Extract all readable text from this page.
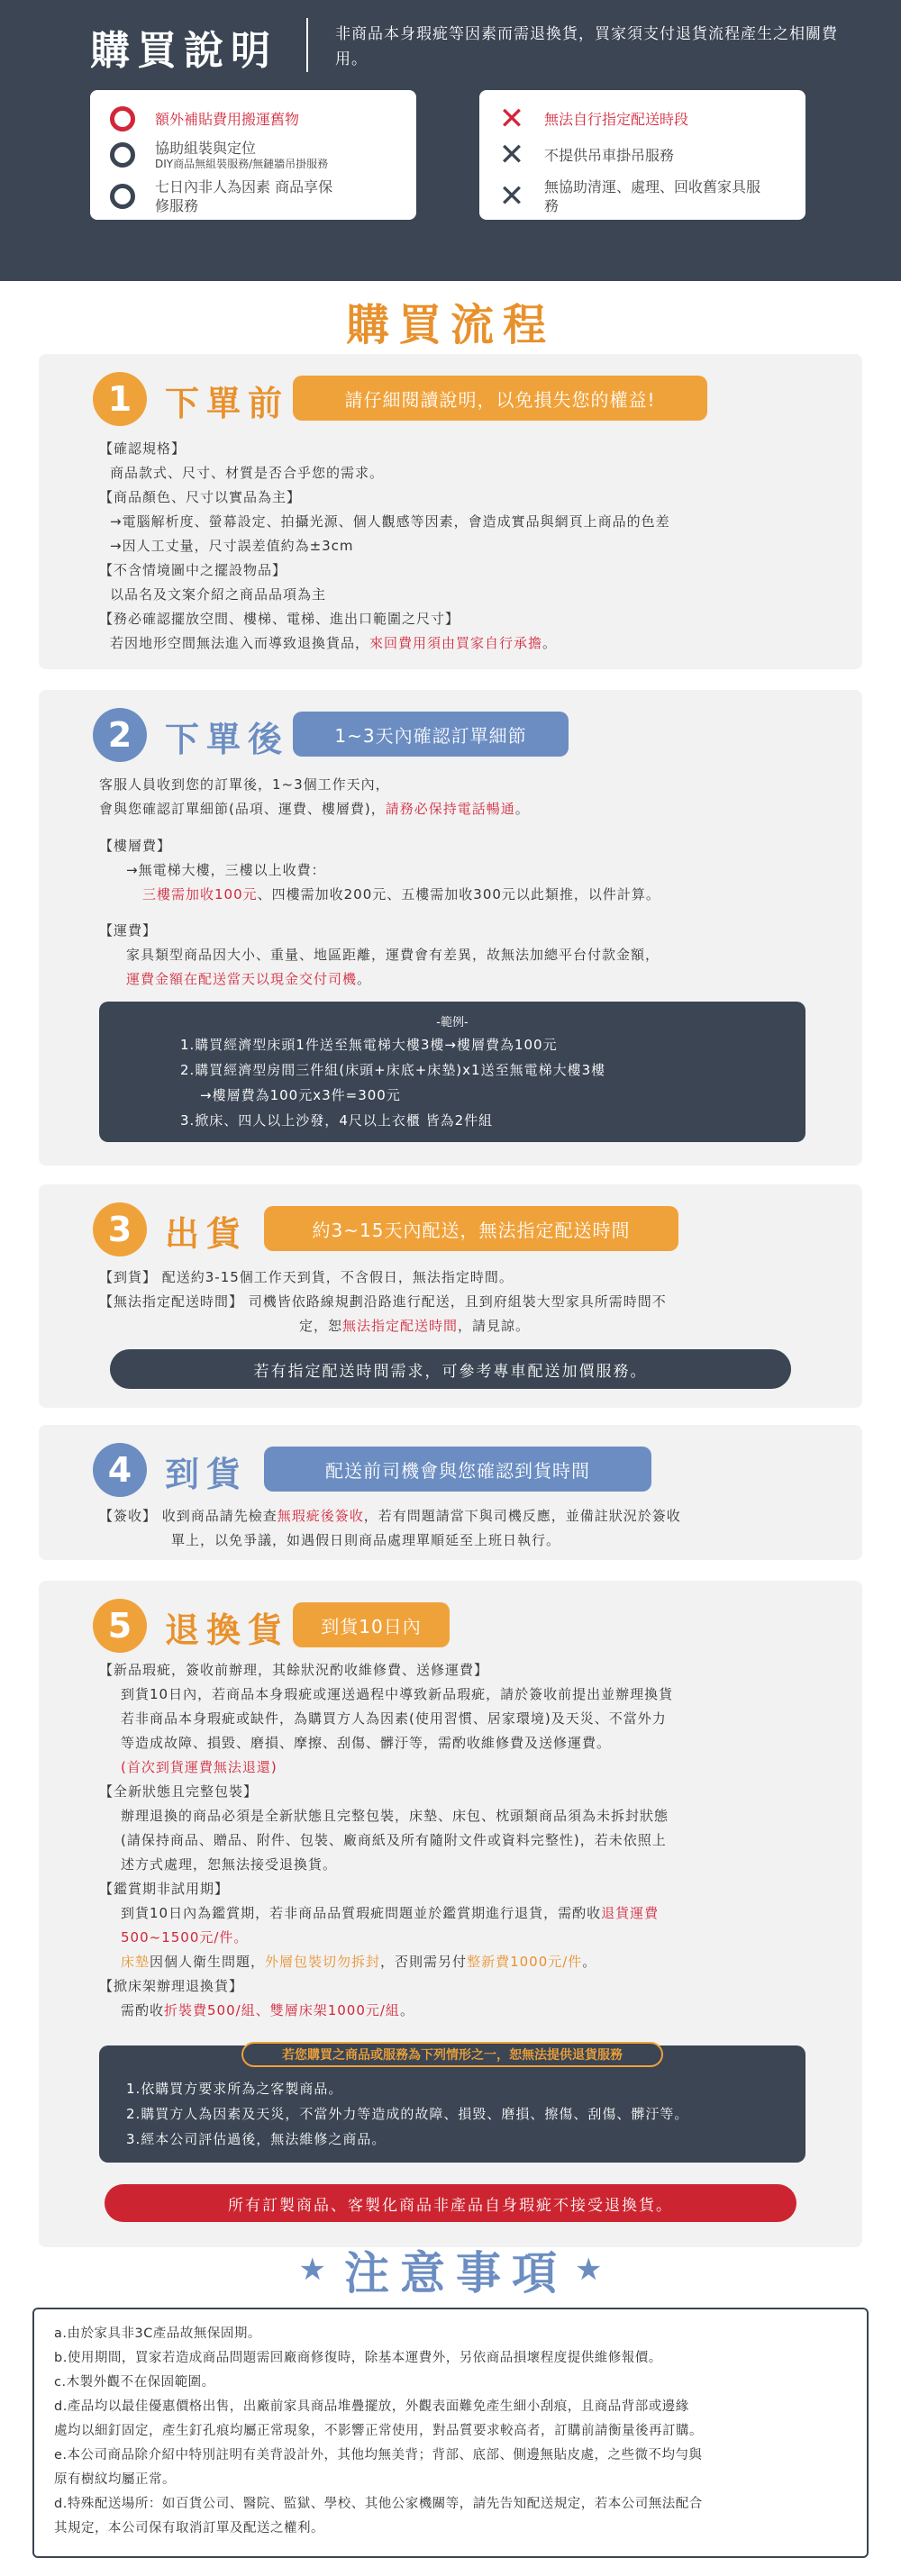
購買說明	非商品本身瑕疵等因素而需退換貨，買家須支付退貨流程產生之相關費用。
額外補貼費用搬運舊物
協助組裝與定位
DIY商品無組裝服務/無鏈牆吊掛服務
七日內非人為因素 商品享保修服務
✕ 無法自行指定配送時段
✕ 不提供吊車掛吊服務
✕ 無協助清運、處理、回收舊家具服務
購買流程
1 下單前	請仔細閱讀說明，以免損失您的權益!
【確認規格】
商品款式、尺寸、材質是否合乎您的需求。
【商品顏色、尺寸以實品為主】
→電腦解析度、螢幕設定、拍攝光源、個人觀感等因素，會造成實品與網頁上商品的色差
→因人工丈量，尺寸誤差值約為±3cm
【不含情境圖中之擺設物品】
以品名及文案介紹之商品品項為主
【務必確認擺放空間、樓梯、電梯、進出口範圍之尺寸】
若因地形空間無法進入而導致退換貨品，來回費用須由買家自行承擔。
2 下單後	1~3天內確認訂單細節
客服人員收到您的訂單後，1~3個工作天內，
會與您確認訂單細節(品項、運費、樓層費)，請務必保持電話暢通。
【樓層費】
→無電梯大樓，三樓以上收費：
三樓需加收100元、四樓需加收200元、五樓需加收300元以此類推，以件計算。
【運費】
家具類型商品因大小、重量、地區距離，運費會有差異，故無法加總平台付款金額，
運費金額在配送當天以現金交付司機。
-範例-
1.購買經濟型床頭1件送至無電梯大樓3樓→樓層費為100元
2.購買經濟型房間三件組(床頭+床底+床墊)x1送至無電梯大樓3樓
→樓層費為100元x3件=300元
3.掀床、四人以上沙發，4尺以上衣櫃 皆為2件組
3 出貨	約3~15天內配送，無法指定配送時間
【到貨】 配送約3-15個工作天到貨，不含假日，無法指定時間。
【無法指定配送時間】 司機皆依路線規劃沿路進行配送，且到府組裝大型家具所需時間不
定，恕無法指定配送時間，請見諒。
若有指定配送時間需求，可參考專車配送加價服務。
4 到貨	配送前司機會與您確認到貨時間
【簽收】 收到商品請先檢查無瑕疵後簽收，若有問題請當下與司機反應，並備註狀況於簽收
單上，以免爭議，如遇假日則商品處理單順延至上班日執行。
5 退換貨	到貨10日內
【新品瑕疵，簽收前辦理，其餘狀況酌收維修費、送修運費】
到貨10日內，若商品本身瑕疵或運送過程中導致新品瑕疵，請於簽收前提出並辦理換貨
若非商品本身瑕疵或缺件，為購買方人為因素(使用習慣、居家環境)及天災、不當外力
等造成故障、損毀、磨損、摩擦、刮傷、髒汙等，需酌收維修費及送修運費。
(首次到貨運費無法退還)
【全新狀態且完整包裝】
辦理退換的商品必須是全新狀態且完整包裝，床墊、床包、枕頭類商品須為未拆封狀態
(請保持商品、贈品、附件、包裝、廠商紙及所有隨附文件或資料完整性)，若未依照上
述方式處理，恕無法接受退換貨。
【鑑賞期非試用期】
到貨10日內為鑑賞期，若非商品品質瑕疵問題並於鑑賞期進行退貨，需酌收退貨運費
500~1500元/件。
床墊因個人衛生問題，外層包裝切勿拆封，否則需另付整新費1000元/件。
【掀床架辦理退換貨】
需酌收折裝費500/組、雙層床架1000元/組。
若您購買之商品或服務為下列情形之一，恕無法提供退貨服務
1.依購買方要求所為之客製商品。
2.購買方人為因素及天災，不當外力等造成的故障、損毀、磨損、擦傷、刮傷、髒汙等。
3.經本公司評估過後，無法維修之商品。
所有訂製商品、客製化商品非產品自身瑕疵不接受退換貨。
★ 注意事項 ★
a.由於家具非3C產品故無保固期。
b.使用期間，買家若造成商品問題需回廠商修復時，除基本運費外，另依商品損壞程度提供維修報價。
c.木製外觀不在保固範圍。
d.產品均以最佳優惠價格出售，出廠前家具商品堆疊擺放，外觀表面難免產生細小刮痕，且商品背部或邊緣
處均以細釘固定，產生釘孔痕均屬正常現象，不影響正常使用，對品質要求較高者，訂購前請衡量後再訂購。
e.本公司商品除介紹中特別註明有美背設計外，其他均無美背；背部、底部、側邊無貼皮處，之些微不均勻與
原有樹紋均屬正常。
d.特殊配送場所：如百貨公司、醫院、監獄、學校、其他公家機關等，請先告知配送規定，若本公司無法配合
其規定，本公司保有取消訂單及配送之權利。
